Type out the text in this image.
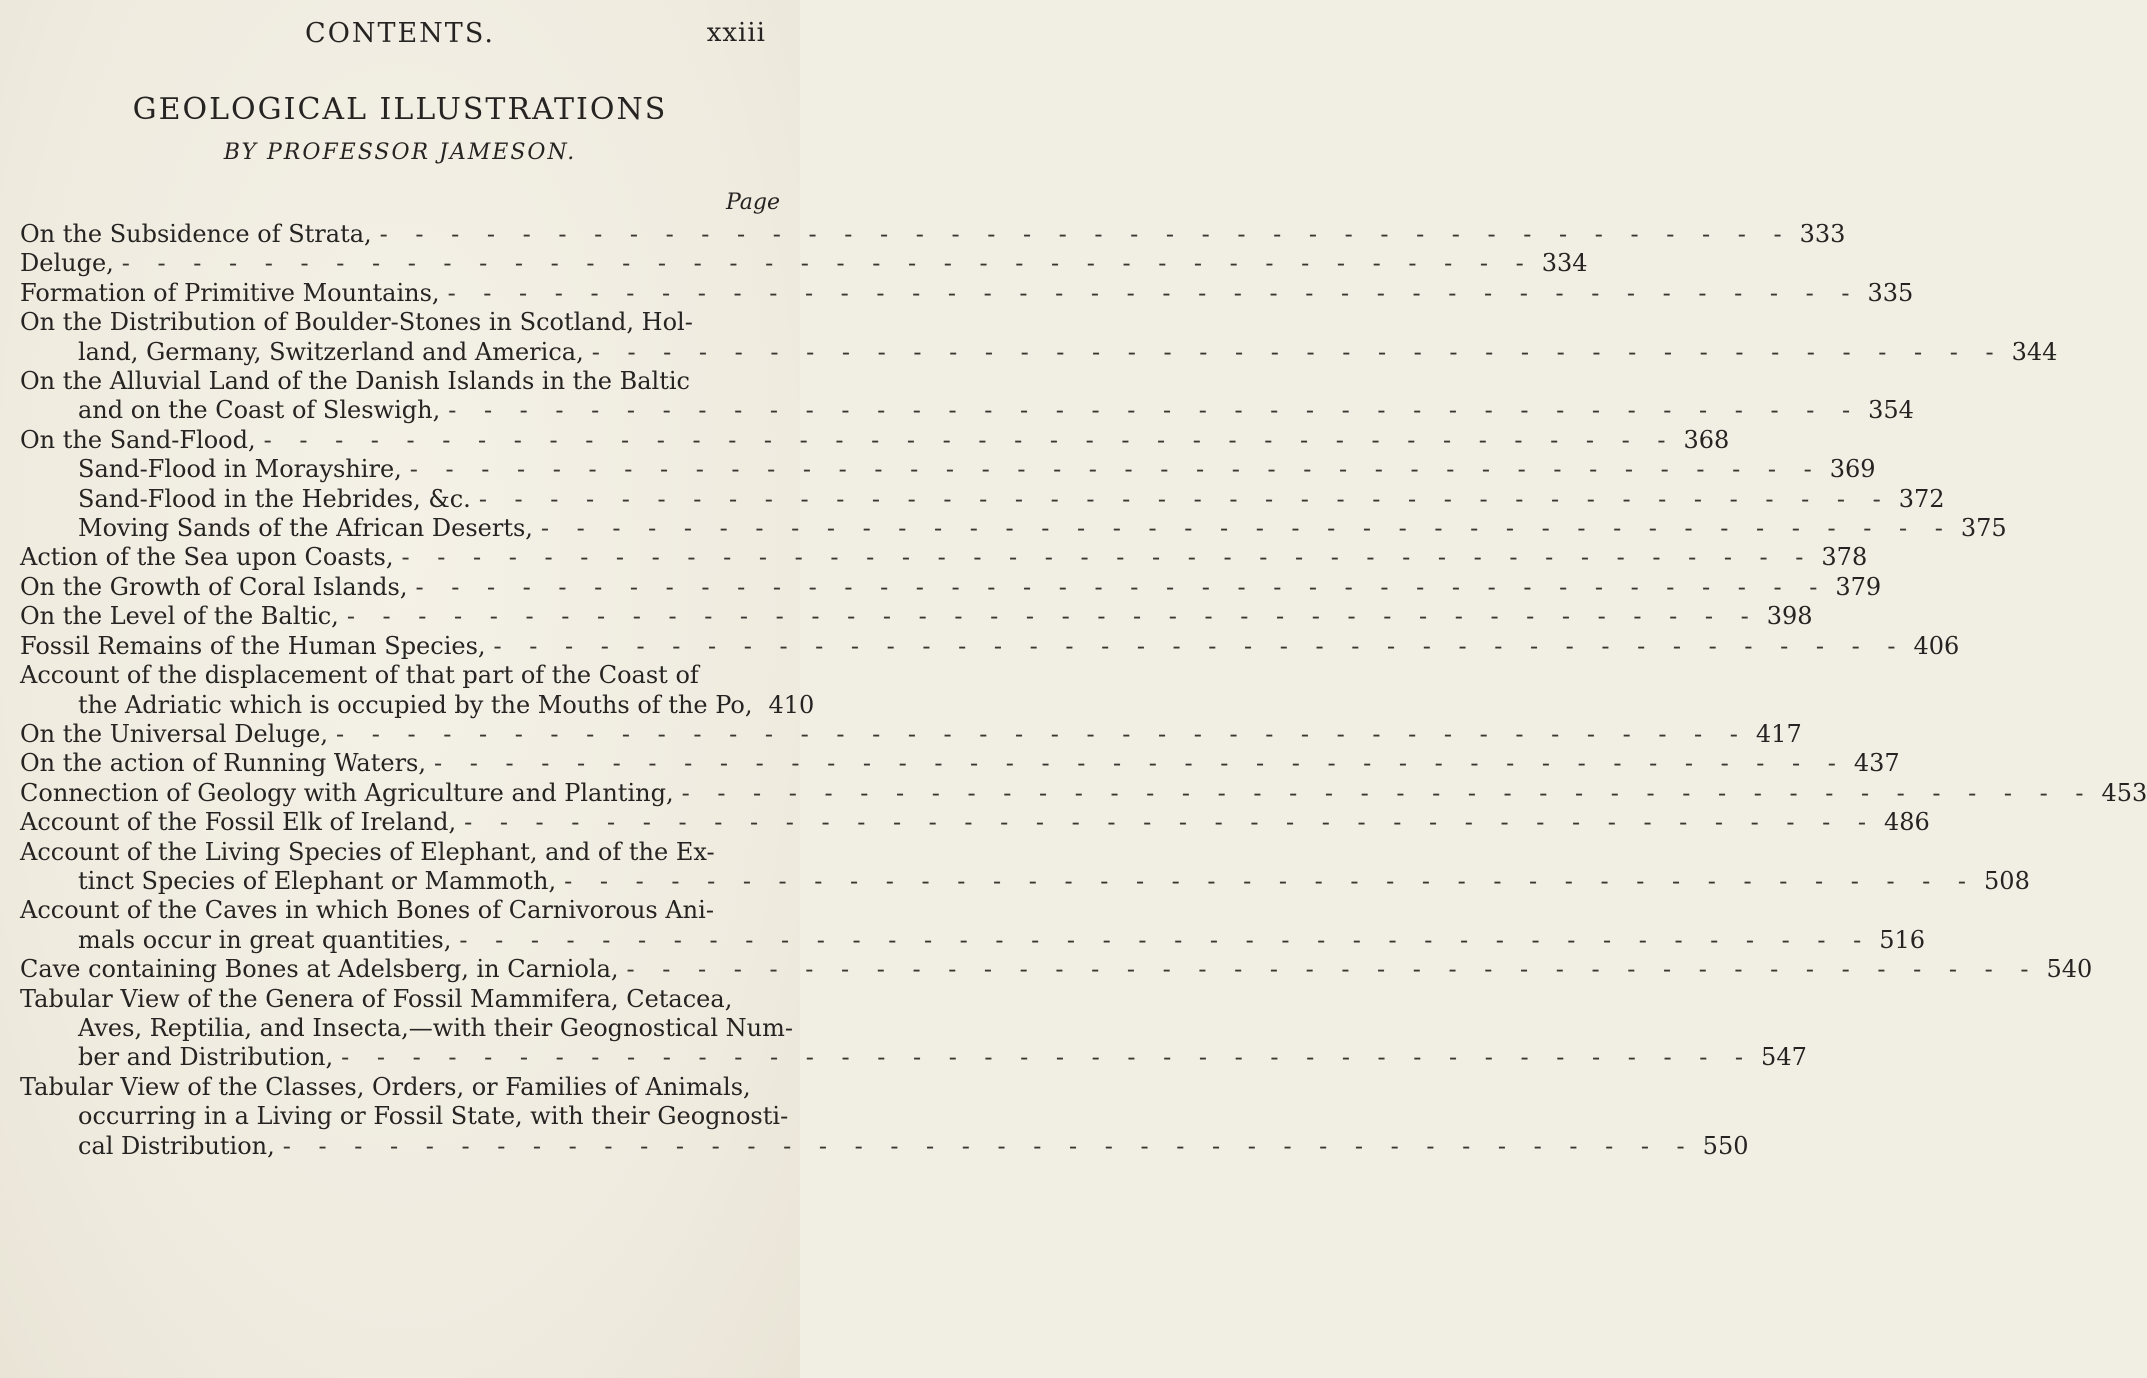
CONTENTS.	xxiii
GEOLOGICAL ILLUSTRATIONS
BY PROFESSOR JAMESON.
Page
On the Subsidence of Strata, - - -	333
Deluge, - - -	334
Formation of Primitive Mountains, - - -	335
On the Distribution of Boulder-Stones in Scotland, Hol-
land, Germany, Switzerland and America, - - -	344
On the Alluvial Land of the Danish Islands in the Baltic
and on the Coast of Sleswigh, - - -	354
On the Sand-Flood, - - -	368
Sand-Flood in Morayshire, - - -	369
Sand-Flood in the Hebrides, &c. - - -	372
Moving Sands of the African Deserts, - - -	375
Action of the Sea upon Coasts, - - -	378
On the Growth of Coral Islands, - - -	379
On the Level of the Baltic, - - -	398
Fossil Remains of the Human Species, - - -	406
Account of the displacement of that part of the Coast of
the Adriatic which is occupied by the Mouths of the Po, 410
On the Universal Deluge, - - -	417
On the action of Running Waters, - - -	437
Connection of Geology with Agriculture and Planting, - - -	453
Account of the Fossil Elk of Ireland, - - -	486
Account of the Living Species of Elephant, and of the Ex-
tinct Species of Elephant or Mammoth, - - -	508
Account of the Caves in which Bones of Carnivorous Ani-
mals occur in great quantities, - - -	516
Cave containing Bones at Adelsberg, in Carniola, - - -	540
Tabular View of the Genera of Fossil Mammifera, Cetacea,
Aves, Reptilia, and Insecta,—with their Geognostical Num-
ber and Distribution, - - -	547
Tabular View of the Classes, Orders, or Families of Animals,
occurring in a Living or Fossil State, with their Geognosti-
cal Distribution, - - -	550
